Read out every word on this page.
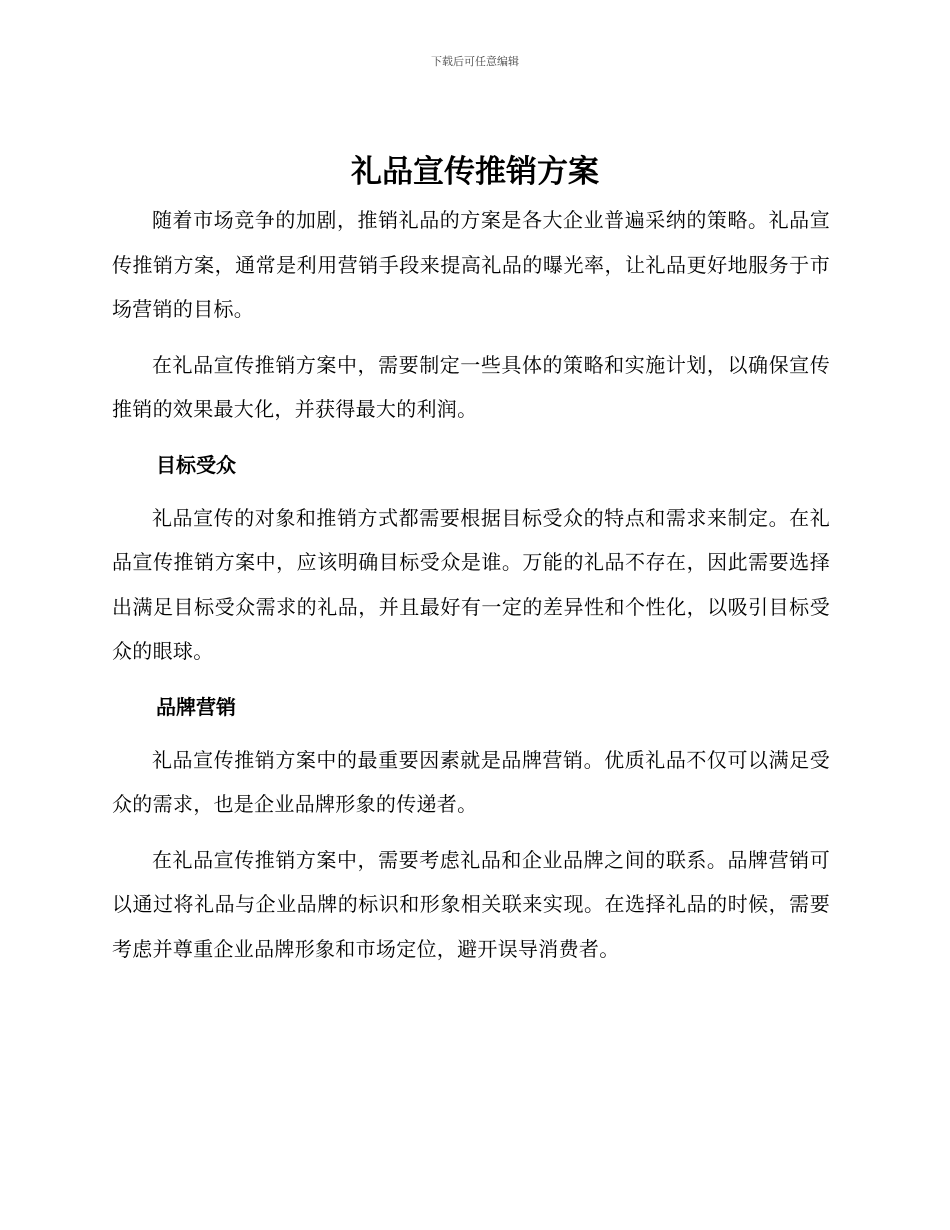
下载后可任意编辑
礼品宣传推销方案

随着市场竞争的加剧，推销礼品的方案是各大企业普遍采纳的策略。礼品宣传推销方案，通常是利用营销手段来提高礼品的曝光率，让礼品更好地服务于市场营销的目标。

在礼品宣传推销方案中，需要制定一些具体的策略和实施计划，以确保宣传推销的效果最大化，并获得最大的利润。

目标受众

礼品宣传的对象和推销方式都需要根据目标受众的特点和需求来制定。在礼品宣传推销方案中，应该明确目标受众是谁。万能的礼品不存在，因此需要选择出满足目标受众需求的礼品，并且最好有一定的差异性和个性化，以吸引目标受众的眼球。

品牌营销

礼品宣传推销方案中的最重要因素就是品牌营销。优质礼品不仅可以满足受众的需求，也是企业品牌形象的传递者。

在礼品宣传推销方案中，需要考虑礼品和企业品牌之间的联系。品牌营销可以通过将礼品与企业品牌的标识和形象相关联来实现。在选择礼品的时候，需要考虑并尊重企业品牌形象和市场定位，避开误导消费者。
